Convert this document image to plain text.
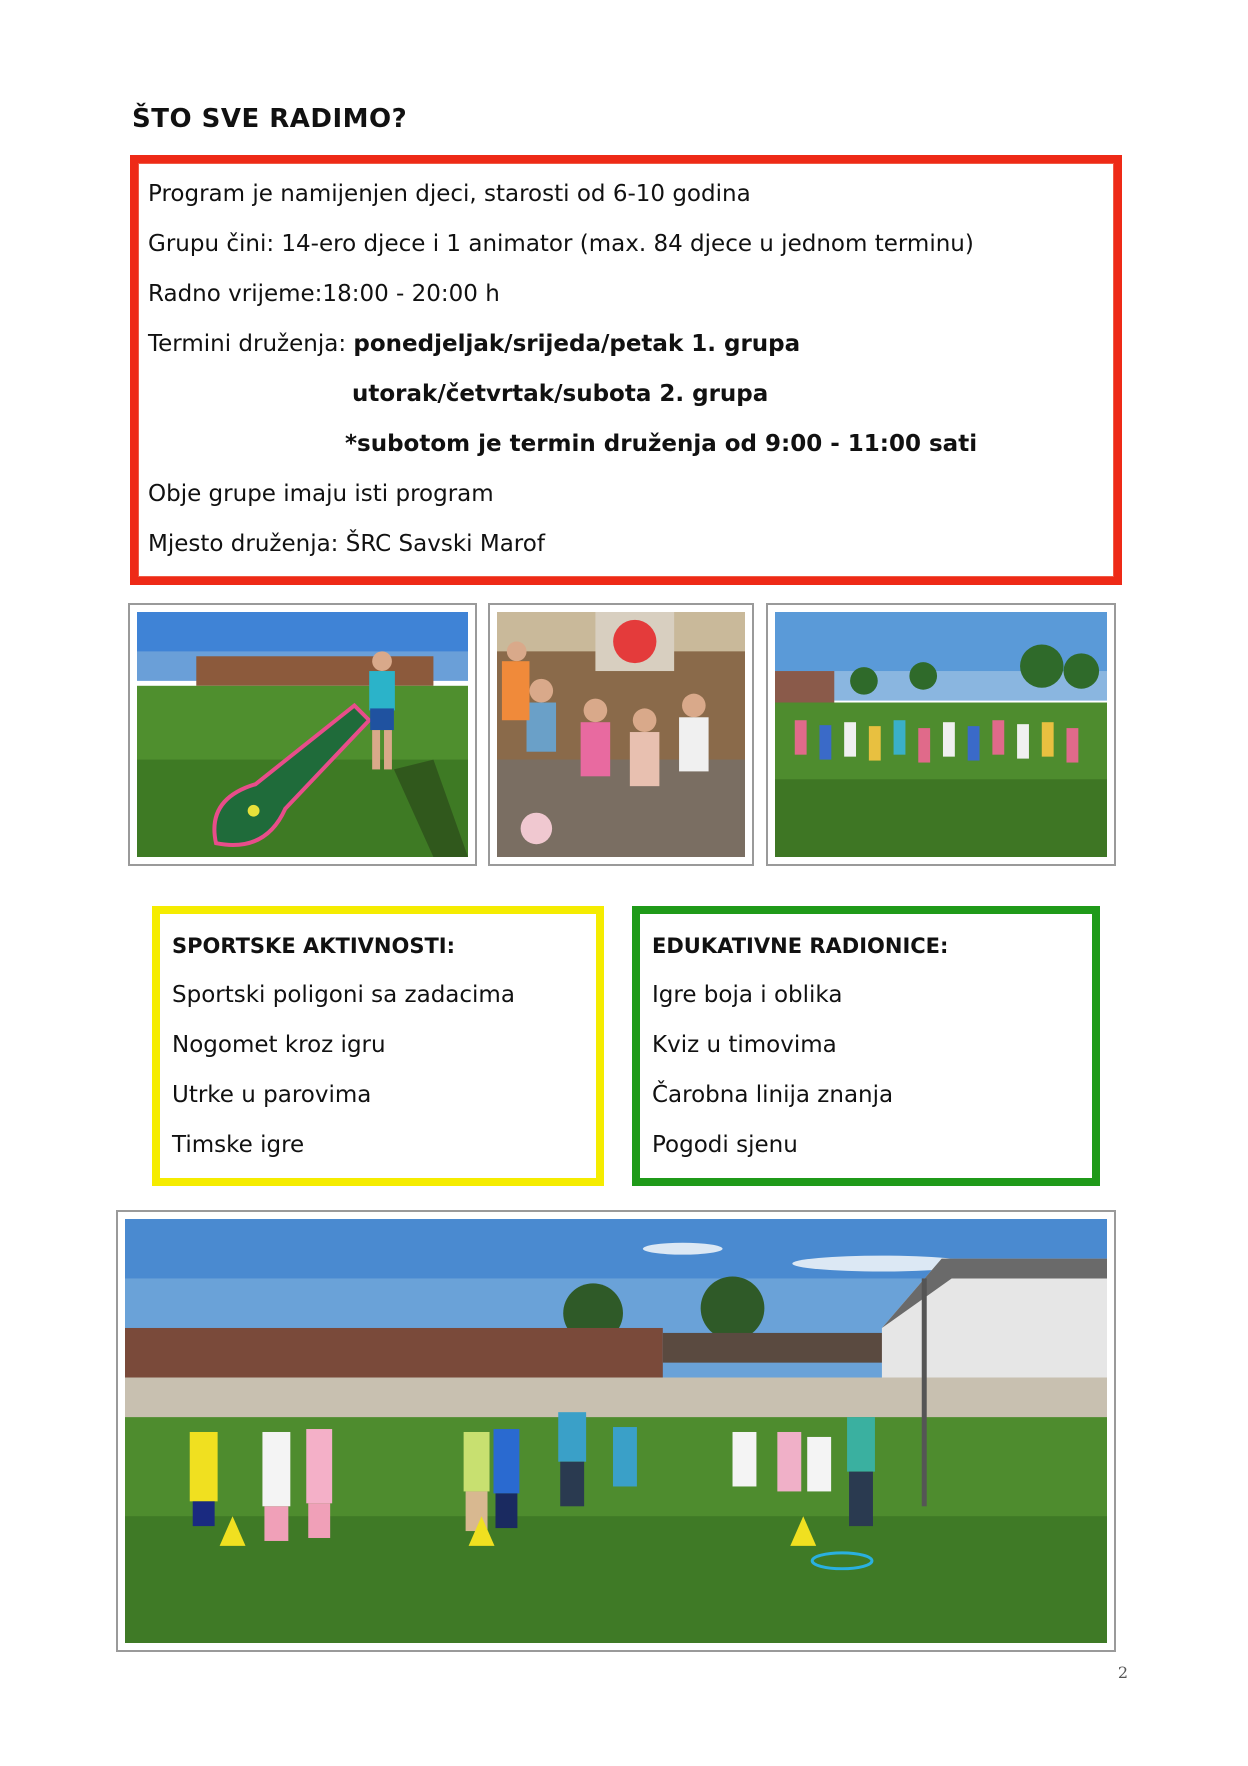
ŠTO SVE RADIMO?
Program je namijenjen djeci, starosti od 6-10 godina
Grupu čini: 14-ero djece i 1 animator (max. 84 djece u jednom terminu)
Radno vrijeme:18:00 - 20:00 h
Termini druženja: ponedjeljak/srijeda/petak 1. grupa
utorak/četvrtak/subota 2. grupa
*subotom je termin druženja od 9:00 - 11:00 sati
Obje grupe imaju isti program
Mjesto druženja: ŠRC Savski Marof
SPORTSKE AKTIVNOSTI:
Sportski poligoni sa zadacima
Nogomet kroz igru
Utrke u parovima
Timske igre
EDUKATIVNE RADIONICE:
Igre boja i oblika
Kviz u timovima
Čarobna linija znanja
Pogodi sjenu
2
